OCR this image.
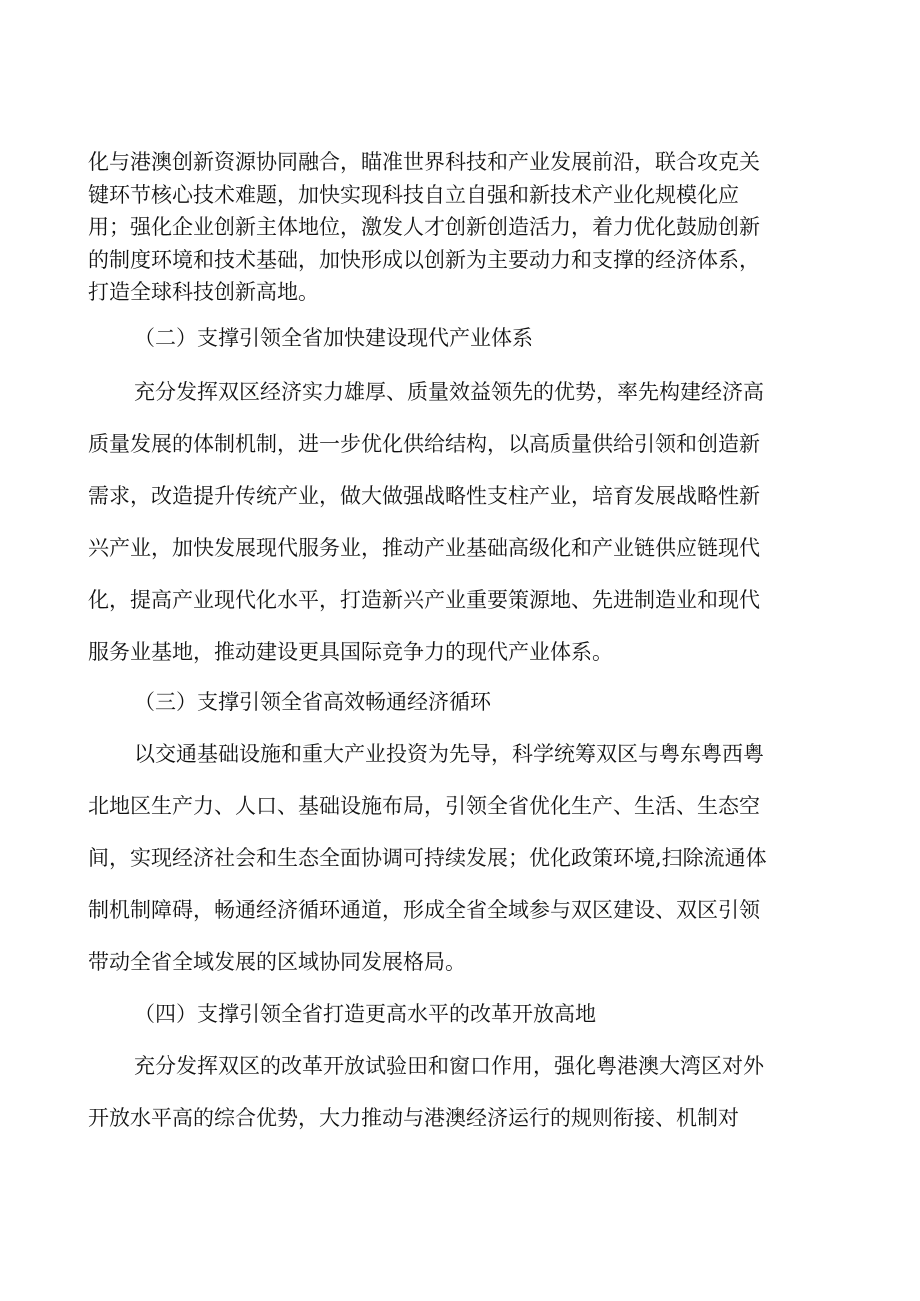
化与港澳创新资源协同融合，瞄准世界科技和产业发展前沿，联合攻克关
键环节核心技术难题，加快实现科技自立自强和新技术产业化规模化应
用；强化企业创新主体地位，激发人才创新创造活力，着力优化鼓励创新
的制度环境和技术基础，加快形成以创新为主要动力和支撑的经济体系，
打造全球科技创新高地。
（二）支撑引领全省加快建设现代产业体系
充分发挥双区经济实力雄厚、质量效益领先的优势，率先构建经济高
质量发展的体制机制，进一步优化供给结构，以高质量供给引领和创造新
需求，改造提升传统产业，做大做强战略性支柱产业，培育发展战略性新
兴产业，加快发展现代服务业，推动产业基础高级化和产业链供应链现代
化，提高产业现代化水平，打造新兴产业重要策源地、先进制造业和现代
服务业基地，推动建设更具国际竞争力的现代产业体系。
（三）支撑引领全省高效畅通经济循环
以交通基础设施和重大产业投资为先导，科学统筹双区与粤东粤西粤
北地区生产力、人口、基础设施布局，引领全省优化生产、生活、生态空
间，实现经济社会和生态全面协调可持续发展；优化政策环境,扫除流通体
制机制障碍，畅通经济循环通道，形成全省全域参与双区建设、双区引领
带动全省全域发展的区域协同发展格局。
（四）支撑引领全省打造更高水平的改革开放高地
充分发挥双区的改革开放试验田和窗口作用，强化粤港澳大湾区对外
开放水平高的综合优势，大力推动与港澳经济运行的规则衔接、机制对
